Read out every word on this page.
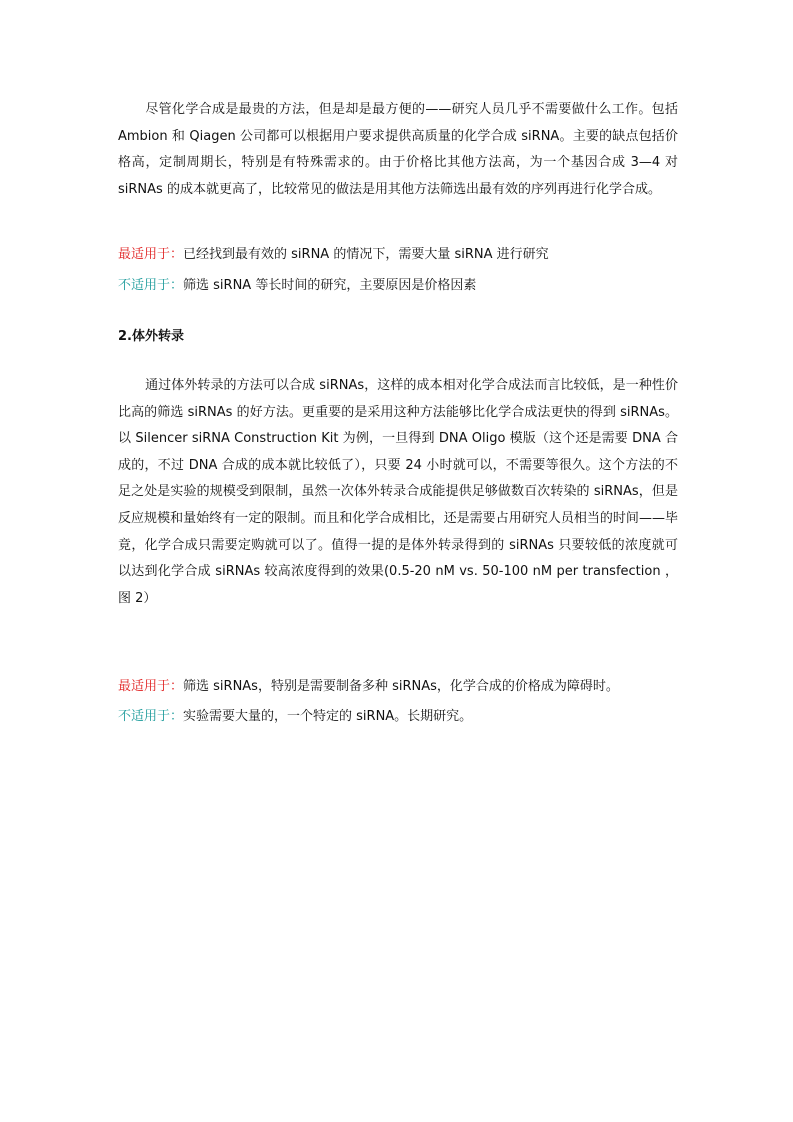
尽管化学合成是最贵的方法，但是却是最方便的——研究人员几乎不需要做什么工作。包括 Ambion 和 Qiagen 公司都可以根据用户要求提供高质量的化学合成 siRNA。主要的缺点包括价格高，定制周期长，特别是有特殊需求的。由于价格比其他方法高，为一个基因合成 3—4 对 siRNAs 的成本就更高了，比较常见的做法是用其他方法筛选出最有效的序列再进行化学合成。

最适用于：已经找到最有效的 siRNA 的情况下，需要大量 siRNA 进行研究
不适用于：筛选 siRNA 等长时间的研究，主要原因是价格因素
2.体外转录

通过体外转录的方法可以合成 siRNAs，这样的成本相对化学合成法而言比较低，是一种性价比高的筛选 siRNAs 的好方法。更重要的是采用这种方法能够比化学合成法更快的得到 siRNAs。以 Silencer siRNA Construction Kit 为例，一旦得到 DNA Oligo 模版（这个还是需要 DNA 合成的，不过 DNA 合成的成本就比较低了），只要 24 小时就可以，不需要等很久。这个方法的不足之处是实验的规模受到限制，虽然一次体外转录合成能提供足够做数百次转染的 siRNAs，但是反应规模和量始终有一定的限制。而且和化学合成相比，还是需要占用研究人员相当的时间——毕竟，化学合成只需要定购就可以了。值得一提的是体外转录得到的 siRNAs 只要较低的浓度就可以达到化学合成 siRNAs 较高浓度得到的效果(0.5-20 nM vs. 50-100 nM per transfection ，图 2）

最适用于：筛选 siRNAs，特别是需要制备多种 siRNAs，化学合成的价格成为障碍时。
不适用于：实验需要大量的，一个特定的 siRNA。长期研究。
